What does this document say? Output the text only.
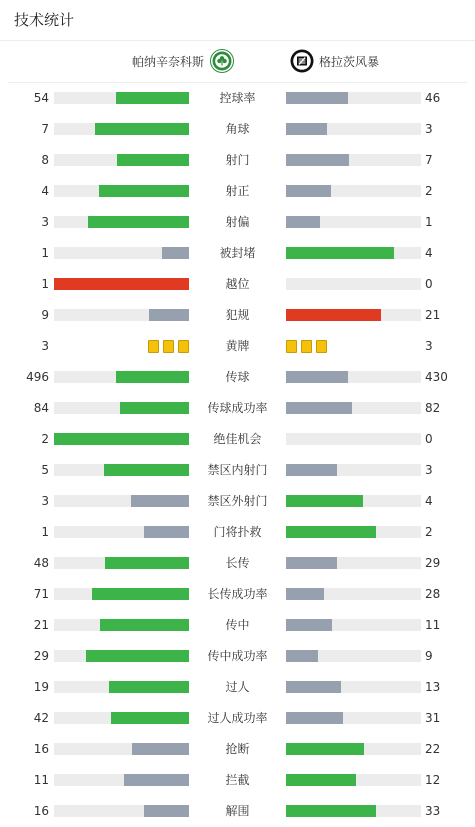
技术统计
帕纳辛奈科斯	格拉茨风暴
54	控球率	46
7	角球	3
8	射门	7
4	射正	2
3	射偏	1
1	被封堵	4
1	越位	0
9	犯规	21
3	黄牌	3
496	传球	430
84	传球成功率	82
2	绝佳机会	0
5	禁区内射门	3
3	禁区外射门	4
1	门将扑救	2
48	长传	29
71	长传成功率	28
21	传中	11
29	传中成功率	9
19	过人	13
42	过人成功率	31
16	抢断	22
11	拦截	12
16	解围	33
